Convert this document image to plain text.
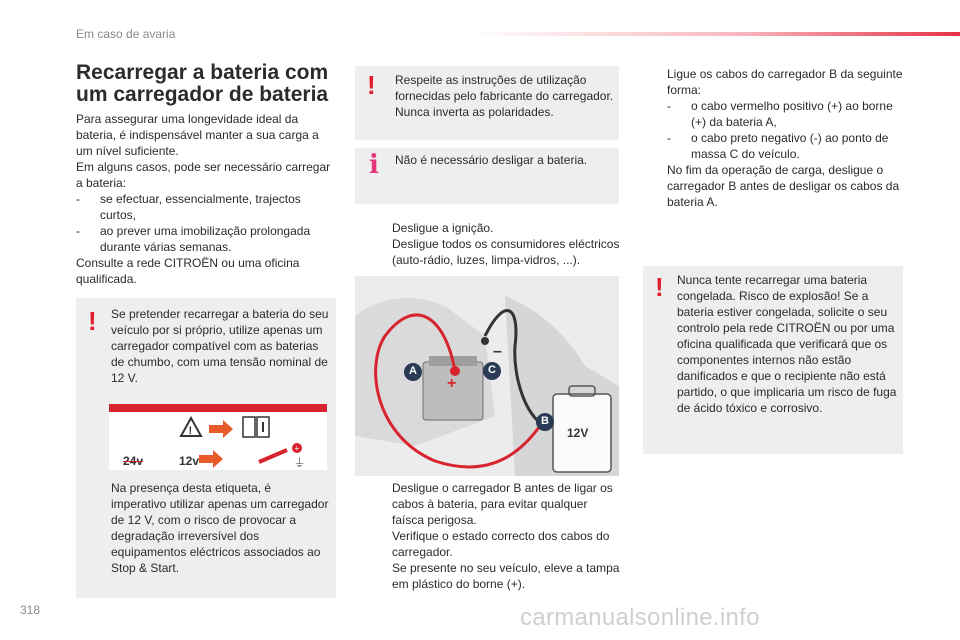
Em caso de avaria
Recarregar a bateria com
um carregador de bateria
Para assegurar uma longevidade ideal da bateria, é indispensável manter a sua carga a um nível suficiente.
Em alguns casos, pode ser necessário carregar a bateria:
-	se efectuar, essencialmente, trajectos curtos,
-	ao prever uma imobilização prolongada durante várias semanas.
Consulte a rede CITROËN ou uma oficina qualificada.
! Se pretender recarregar a bateria do seu veículo por si próprio, utilize apenas um carregador compatível com as baterias de chumbo, com uma tensão nominal de 12 V.
!
+
⏚
24v	12v
Na presença desta etiqueta, é imperativo utilizar apenas um carregador de 12 V, com o risco de provocar a degradação irreversível dos equipamentos eléctricos associados ao Stop & Start.
! Respeite as instruções de utilização fornecidas pelo fabricante do carregador. Nunca inverta as polaridades.
i Não é necessário desligar a bateria.
Desligue a ignição.
Desligue todos os consumidores eléctricos (auto-rádio, luzes, limpa-vidros, ...).
+
–
A	C
B
12V
Desligue o carregador B antes de ligar os cabos à bateria, para evitar qualquer faísca perigosa.
Verifique o estado correcto dos cabos do carregador.
Se presente no seu veículo, eleve a tampa em plástico do borne (+).
Ligue os cabos do carregador B da seguinte forma:
-	o cabo vermelho positivo (+) ao borne (+) da bateria A,
-	o cabo preto negativo (-) ao ponto de massa C do veículo.
No fim da operação de carga, desligue o carregador B antes de desligar os cabos da bateria A.
! Nunca tente recarregar uma bateria congelada. Risco de explosão! Se a bateria estiver congelada, solicite o seu controlo pela rede CITROËN ou por uma oficina qualificada que verificará que os componentes internos não estão danificados e que o recipiente não está partido, o que implicaria um risco de fuga de ácido tóxico e corrosivo.
318	carmanualsonline.info
